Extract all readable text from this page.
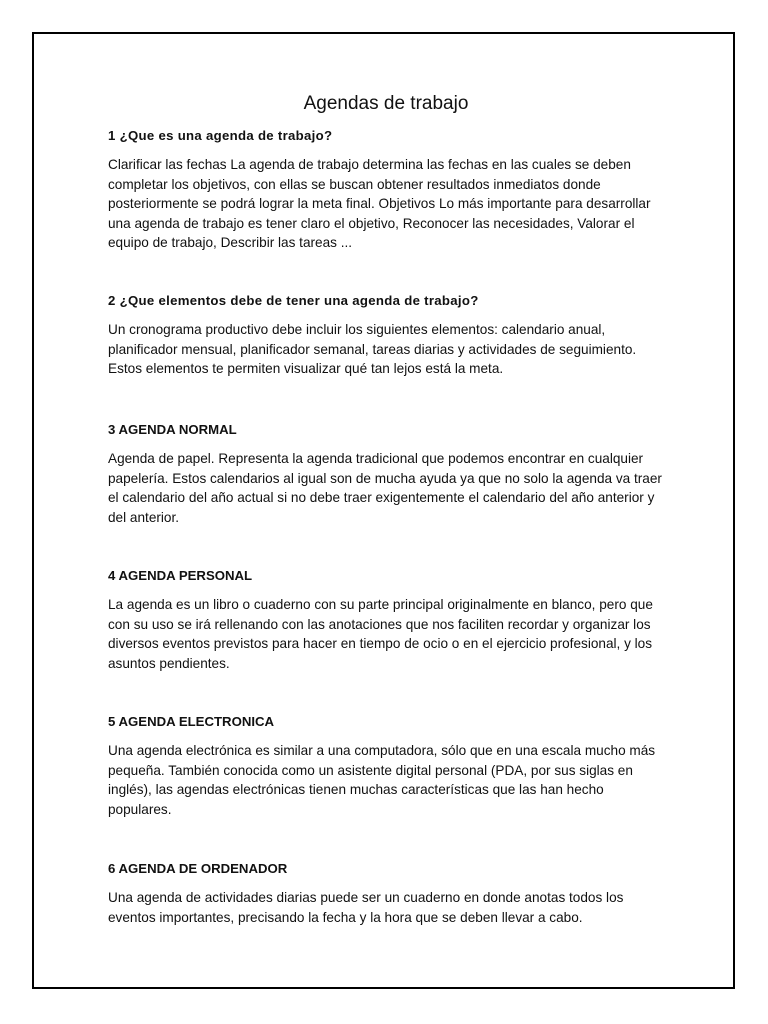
Agendas de trabajo

1 ¿Que es una agenda de trabajo?

Clarificar las fechas La agenda de trabajo determina las fechas en las cuales se deben completar los objetivos, con ellas se buscan obtener resultados inmediatos donde posteriormente se podrá lograr la meta final. Objetivos Lo más importante para desarrollar una agenda de trabajo es tener claro el objetivo, Reconocer las necesidades, Valorar el equipo de trabajo, Describir las tareas ...

2 ¿Que elementos debe de tener una agenda de trabajo?

Un cronograma productivo debe incluir los siguientes elementos: calendario anual, planificador mensual, planificador semanal, tareas diarias y actividades de seguimiento. Estos elementos te permiten visualizar qué tan lejos está la meta.

3 AGENDA NORMAL

Agenda de papel. Representa la agenda tradicional que podemos encontrar en cualquier papelería. Estos calendarios al igual son de mucha ayuda ya que no solo la agenda va traer el calendario del año actual si no debe traer exigentemente el calendario del año anterior y del anterior.

4 AGENDA PERSONAL

La agenda es un libro o cuaderno con su parte principal originalmente en blanco, pero que con su uso se irá rellenando con las anotaciones que nos faciliten recordar y organizar los diversos eventos previstos para hacer en tiempo de ocio o en el ejercicio profesional, y los asuntos pendientes.

5 AGENDA ELECTRONICA

Una agenda electrónica es similar a una computadora, sólo que en una escala mucho más pequeña. También conocida como un asistente digital personal (PDA, por sus siglas en inglés), las agendas electrónicas tienen muchas características que las han hecho populares.

6 AGENDA DE ORDENADOR

Una agenda de actividades diarias puede ser un cuaderno en donde anotas todos los eventos importantes, precisando la fecha y la hora que se deben llevar a cabo.
